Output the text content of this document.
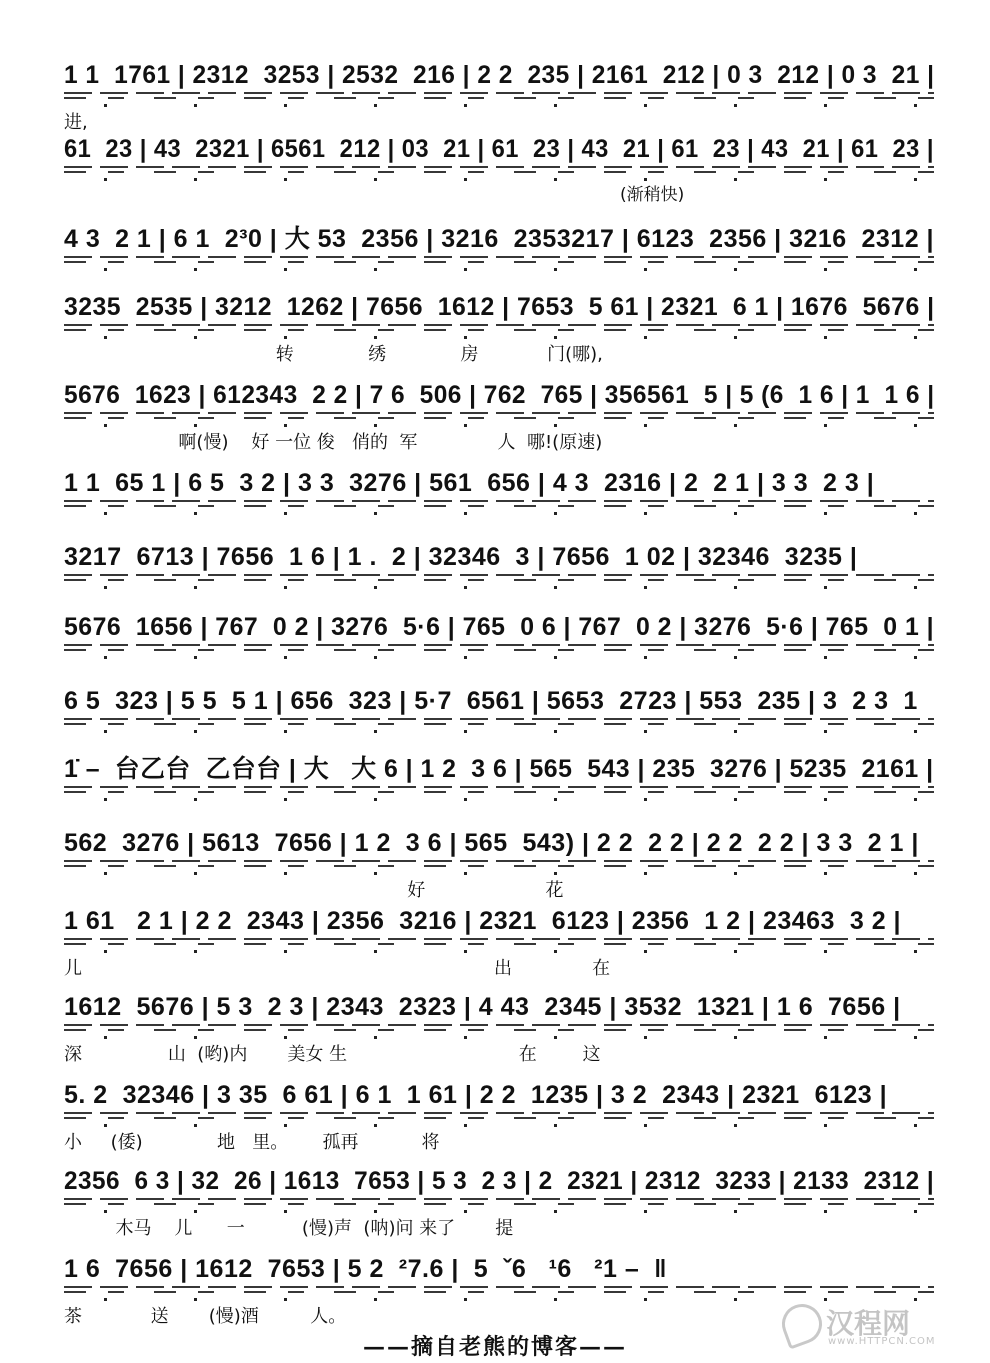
1 1  1761 | 2312  3253 | 2532  216 | 2 2  235 | 2161  212 | 0 3  212 | 0 3  21 |
进,
61  23 | 43  2321 | 6561  212 | 03  21 | 61  23 | 43  21 | 61  23 | 43  21 | 61  23 |
4 3  2 1 | 6 1  2³0 | 大 53  2356 | 3216  2353217 | 6123  2356 | 3216  2312 |
3235  2535 | 3212  1262 | 7656  1612 | 7653  5 61 | 2321  6 1 | 1676  5676 |
转             绣             房            门(哪),
5676  1623 | 612343  2 2 | 7 6  506 | 762  765 | 356561  5 | 5 (6  1 6 | 1  1 6 |
啊(慢)    好 一位 俊   俏的  军              人  哪!(原速)
1 1  65 1 | 6 5  3 2 | 3 3  3276 | 561  656 | 4 3  2316 | 2  2 1 | 3 3  2 3 |
3217  6713 | 7656  1 6 | 1 .  2 | 32346  3 | 7656  1 02 | 32346  3235 |
5676  1656 | 767  0 2 | 3276  5·6 | 765  0 6 | 767  0 2 | 3276  5·6 | 765  0 1 |
6 5  323 | 5 5  5 1 | 656  323 | 5·7  6561 | 5653  2723 | 553  235 | 3  2 3  1
1̇ –  台乙台  乙台台 | 大   大 6 | 1 2  3 6 | 565  543 | 235  3276 | 5235  2161 |
562  3276 | 5613  7656 | 1 2  3 6 | 565  543) | 2 2  2 2 | 2 2  2 2 | 3 3  2 1 |
好                     花
1 61   2 1 | 2 2  2343 | 2356  3216 | 2321  6123 | 2356  1 2 | 23463  3 2 |
儿                                                                        出              在
1612  5676 | 5 3  2 3 | 2343  2323 | 4 43  2345 | 3532  1321 | 1 6  7656 |
深               山  (哟)内       美女 生                              在        这
5. 2  32346 | 3 35  6 61 | 6 1  1 61 | 2 2  1235 | 3 2  2343 | 2321  6123 |
小     (倭)             地   里。      孤再           将
2356  6 3 | 32  26 | 1613  7653 | 5 3  2 3 | 2  2321 | 2312  3233 | 2133  2312 |
木马    儿      一          (慢)声  (呐)问 来了       提
1 6  7656 | 1612  7653 | 5 2  ²7.6 |  5  ˇ6   ¹6   ²1 –  ‖
茶            送       (慢)酒         人。
(渐稍快)
——摘自老熊的博客——
汉程网
www.HTTPCN.COM
